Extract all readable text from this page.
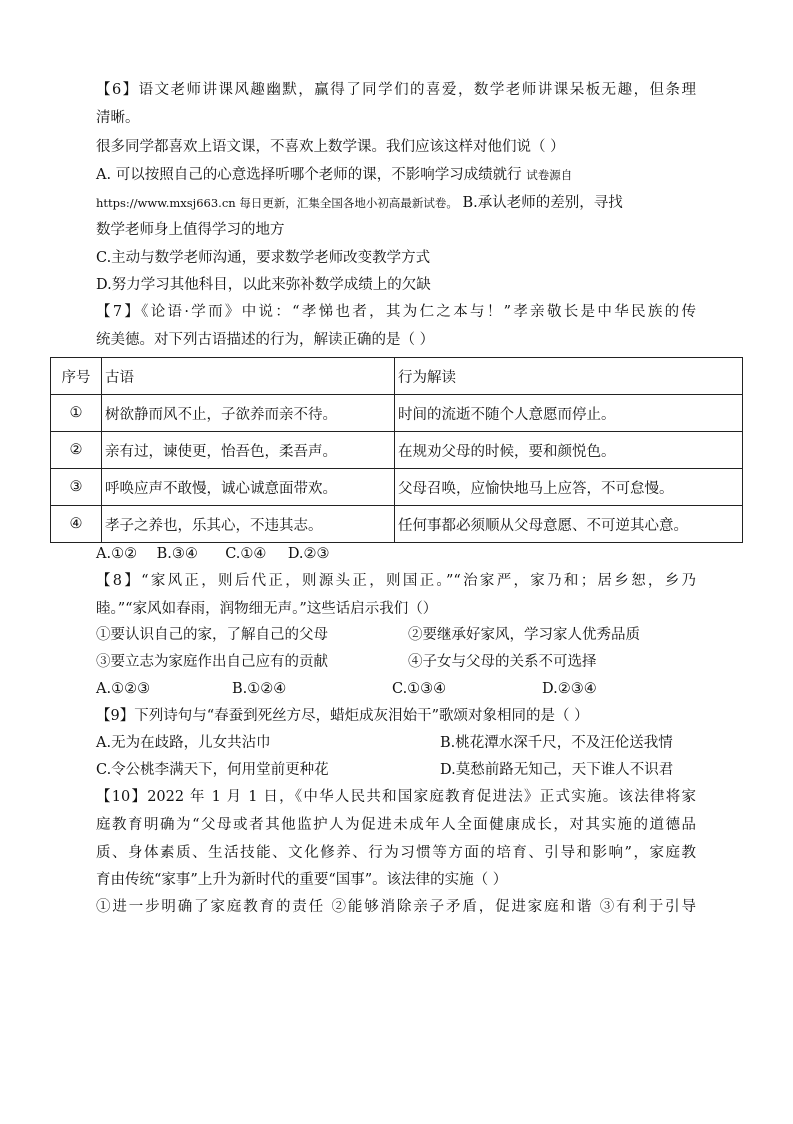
【6】语文老师讲课风趣幽默，赢得了同学们的喜爱，数学老师讲课呆板无趣，但条理
清晰。
很多同学都喜欢上语文课，不喜欢上数学课。我们应该这样对他们说（ ）
A. 可以按照自己的心意选择听哪个老师的课，不影响学习成绩就行 试卷源自
https://www.mxsj663.cn 每日更新，汇集全国各地小初高最新试卷。 B.承认老师的差别，寻找
数学老师身上值得学习的地方
C.主动与数学老师沟通，要求数学老师改变教学方式
D.努力学习其他科目，以此来弥补数学成绩上的欠缺
【7】《论语·学而》中说：“孝悌也者，其为仁之本与！”孝亲敬长是中华民族的传
统美德。对下列古语描述的行为，解读正确的是（ ）
序号	古语	行为解读
①	树欲静而风不止，子欲养而亲不待。	时间的流逝不随个人意愿而停止。
②	亲有过，谏使更，怡吾色，柔吾声。	在规劝父母的时候，要和颜悦色。
③	呼唤应声不敢慢，诚心诚意面带欢。	父母召唤，应愉快地马上应答，不可怠慢。
④	孝子之养也，乐其心，不违其志。	任何事都必须顺从父母意愿、不可逆其心意。
A.①② B.③④ C.①④ D.②③
【8】“家风正，则后代正，则源头正，则国正。”“治家严，家乃和；居乡恕，乡乃
睦。”“家风如春雨，润物细无声。”这些话启示我们（）
①要认识自己的家，了解自己的父母	②要继承好家风，学习家人优秀品质
③要立志为家庭作出自己应有的贡献	④子女与父母的关系不可选择
A.①②③	B.①②④	C.①③④	D.②③④
【9】下列诗句与“春蚕到死丝方尽，蜡炬成灰泪始干”歌颂对象相同的是（ ）
A.无为在歧路，儿女共沾巾	B.桃花潭水深千尺，不及汪伦送我情
C.令公桃李满天下，何用堂前更种花	D.莫愁前路无知己，天下谁人不识君
【10】2022 年 1 月 1 日，《中华人民共和国家庭教育促进法》正式实施。该法律将家
庭教育明确为“父母或者其他监护人为促进未成年人全面健康成长，对其实施的道德品
质、身体素质、生活技能、文化修养、行为习惯等方面的培育、引导和影响”，家庭教
育由传统“家事”上升为新时代的重要“国事”。该法律的实施（ ）
①进一步明确了家庭教育的责任 ②能够消除亲子矛盾，促进家庭和谐 ③有利于引导
